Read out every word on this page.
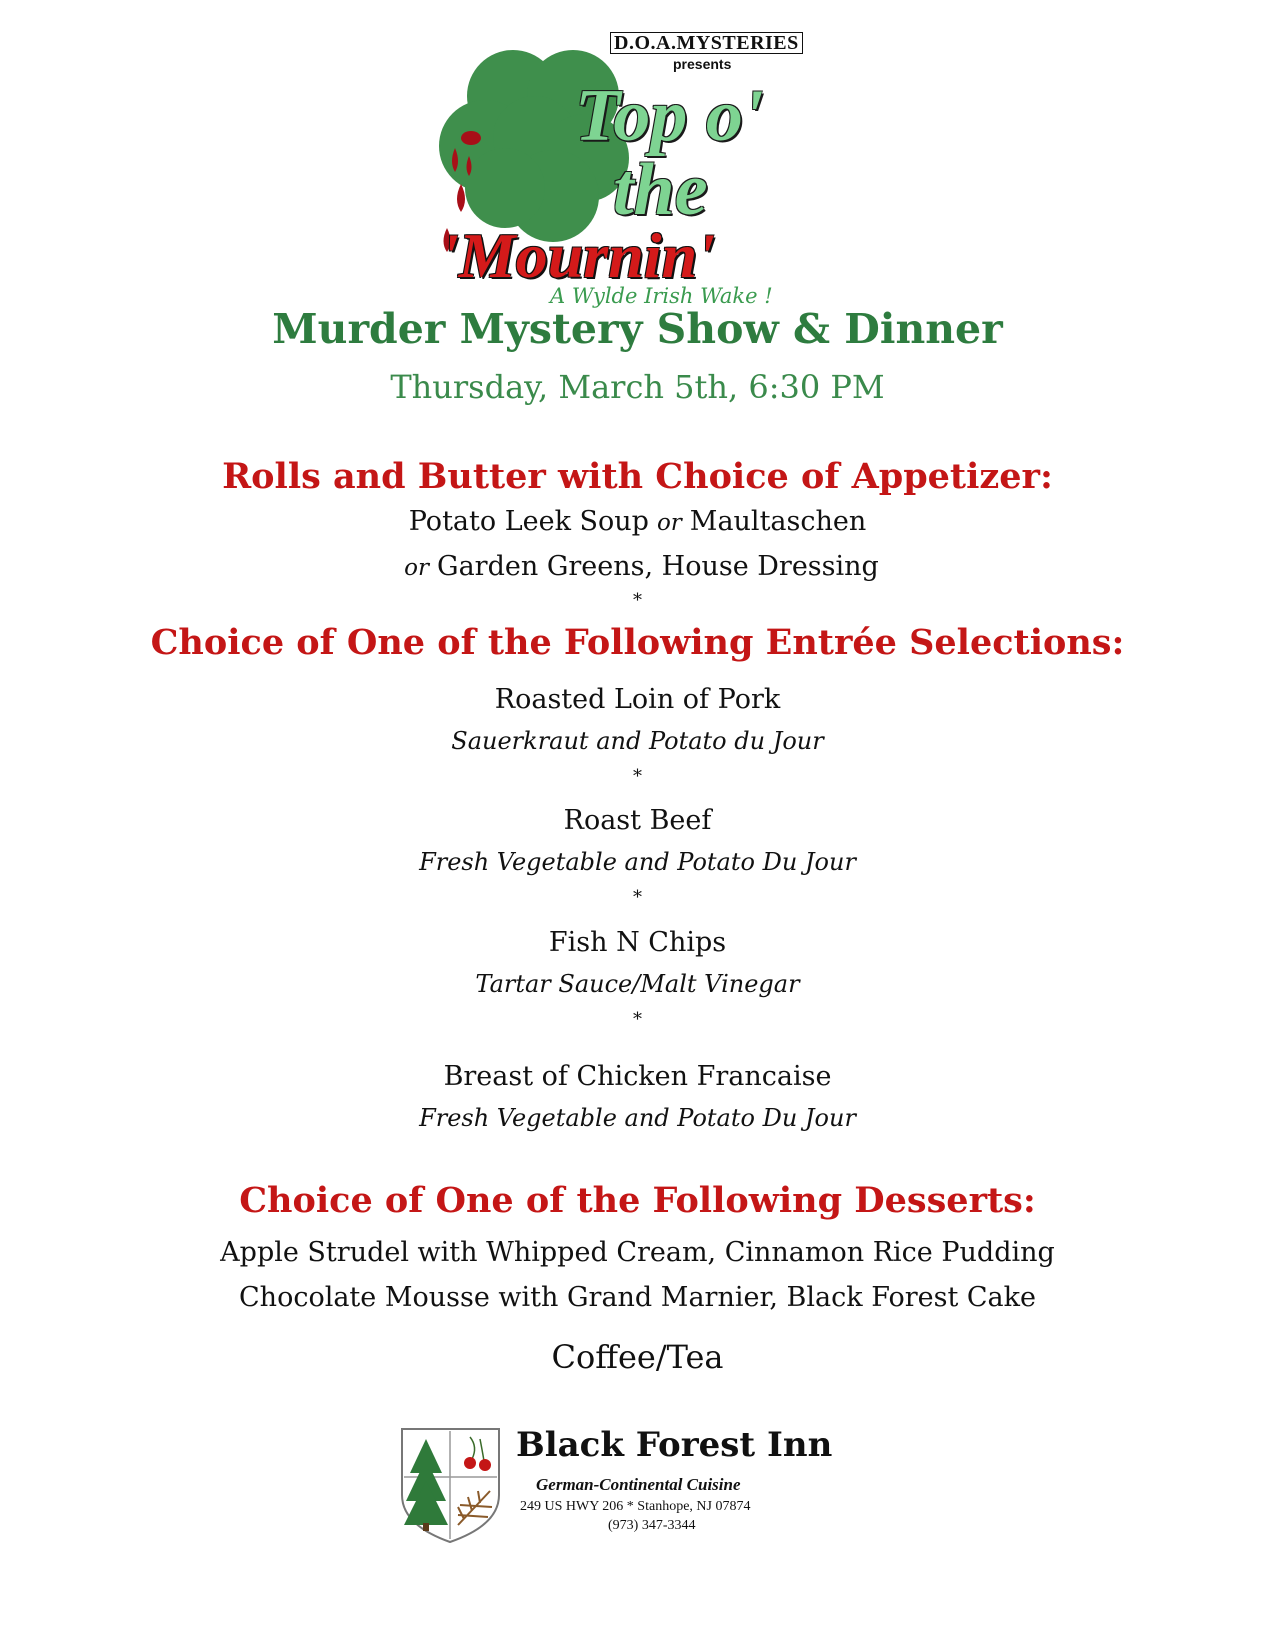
D.O.A.MYSTERIES
presents
Top o'
the
'Mournin'
A Wylde Irish Wake !
Murder Mystery Show & Dinner
Thursday, March 5th, 6:30 PM
Rolls and Butter with Choice of Appetizer:
Potato Leek Soup or Maultaschen
or Garden Greens, House Dressing
*
Choice of One of the Following Entrée Selections:
Roasted Loin of Pork
Sauerkraut and Potato du Jour
*
Roast Beef
Fresh Vegetable and Potato Du Jour
*
Fish N Chips
Tartar Sauce/Malt Vinegar
*
Breast of Chicken Francaise
Fresh Vegetable and Potato Du Jour
Choice of One of the Following Desserts:
Apple Strudel with Whipped Cream, Cinnamon Rice Pudding
Chocolate Mousse with Grand Marnier, Black Forest Cake
Coffee/Tea
Black Forest Inn
German-Continental Cuisine
249 US HWY 206 * Stanhope, NJ 07874
(973) 347-3344
